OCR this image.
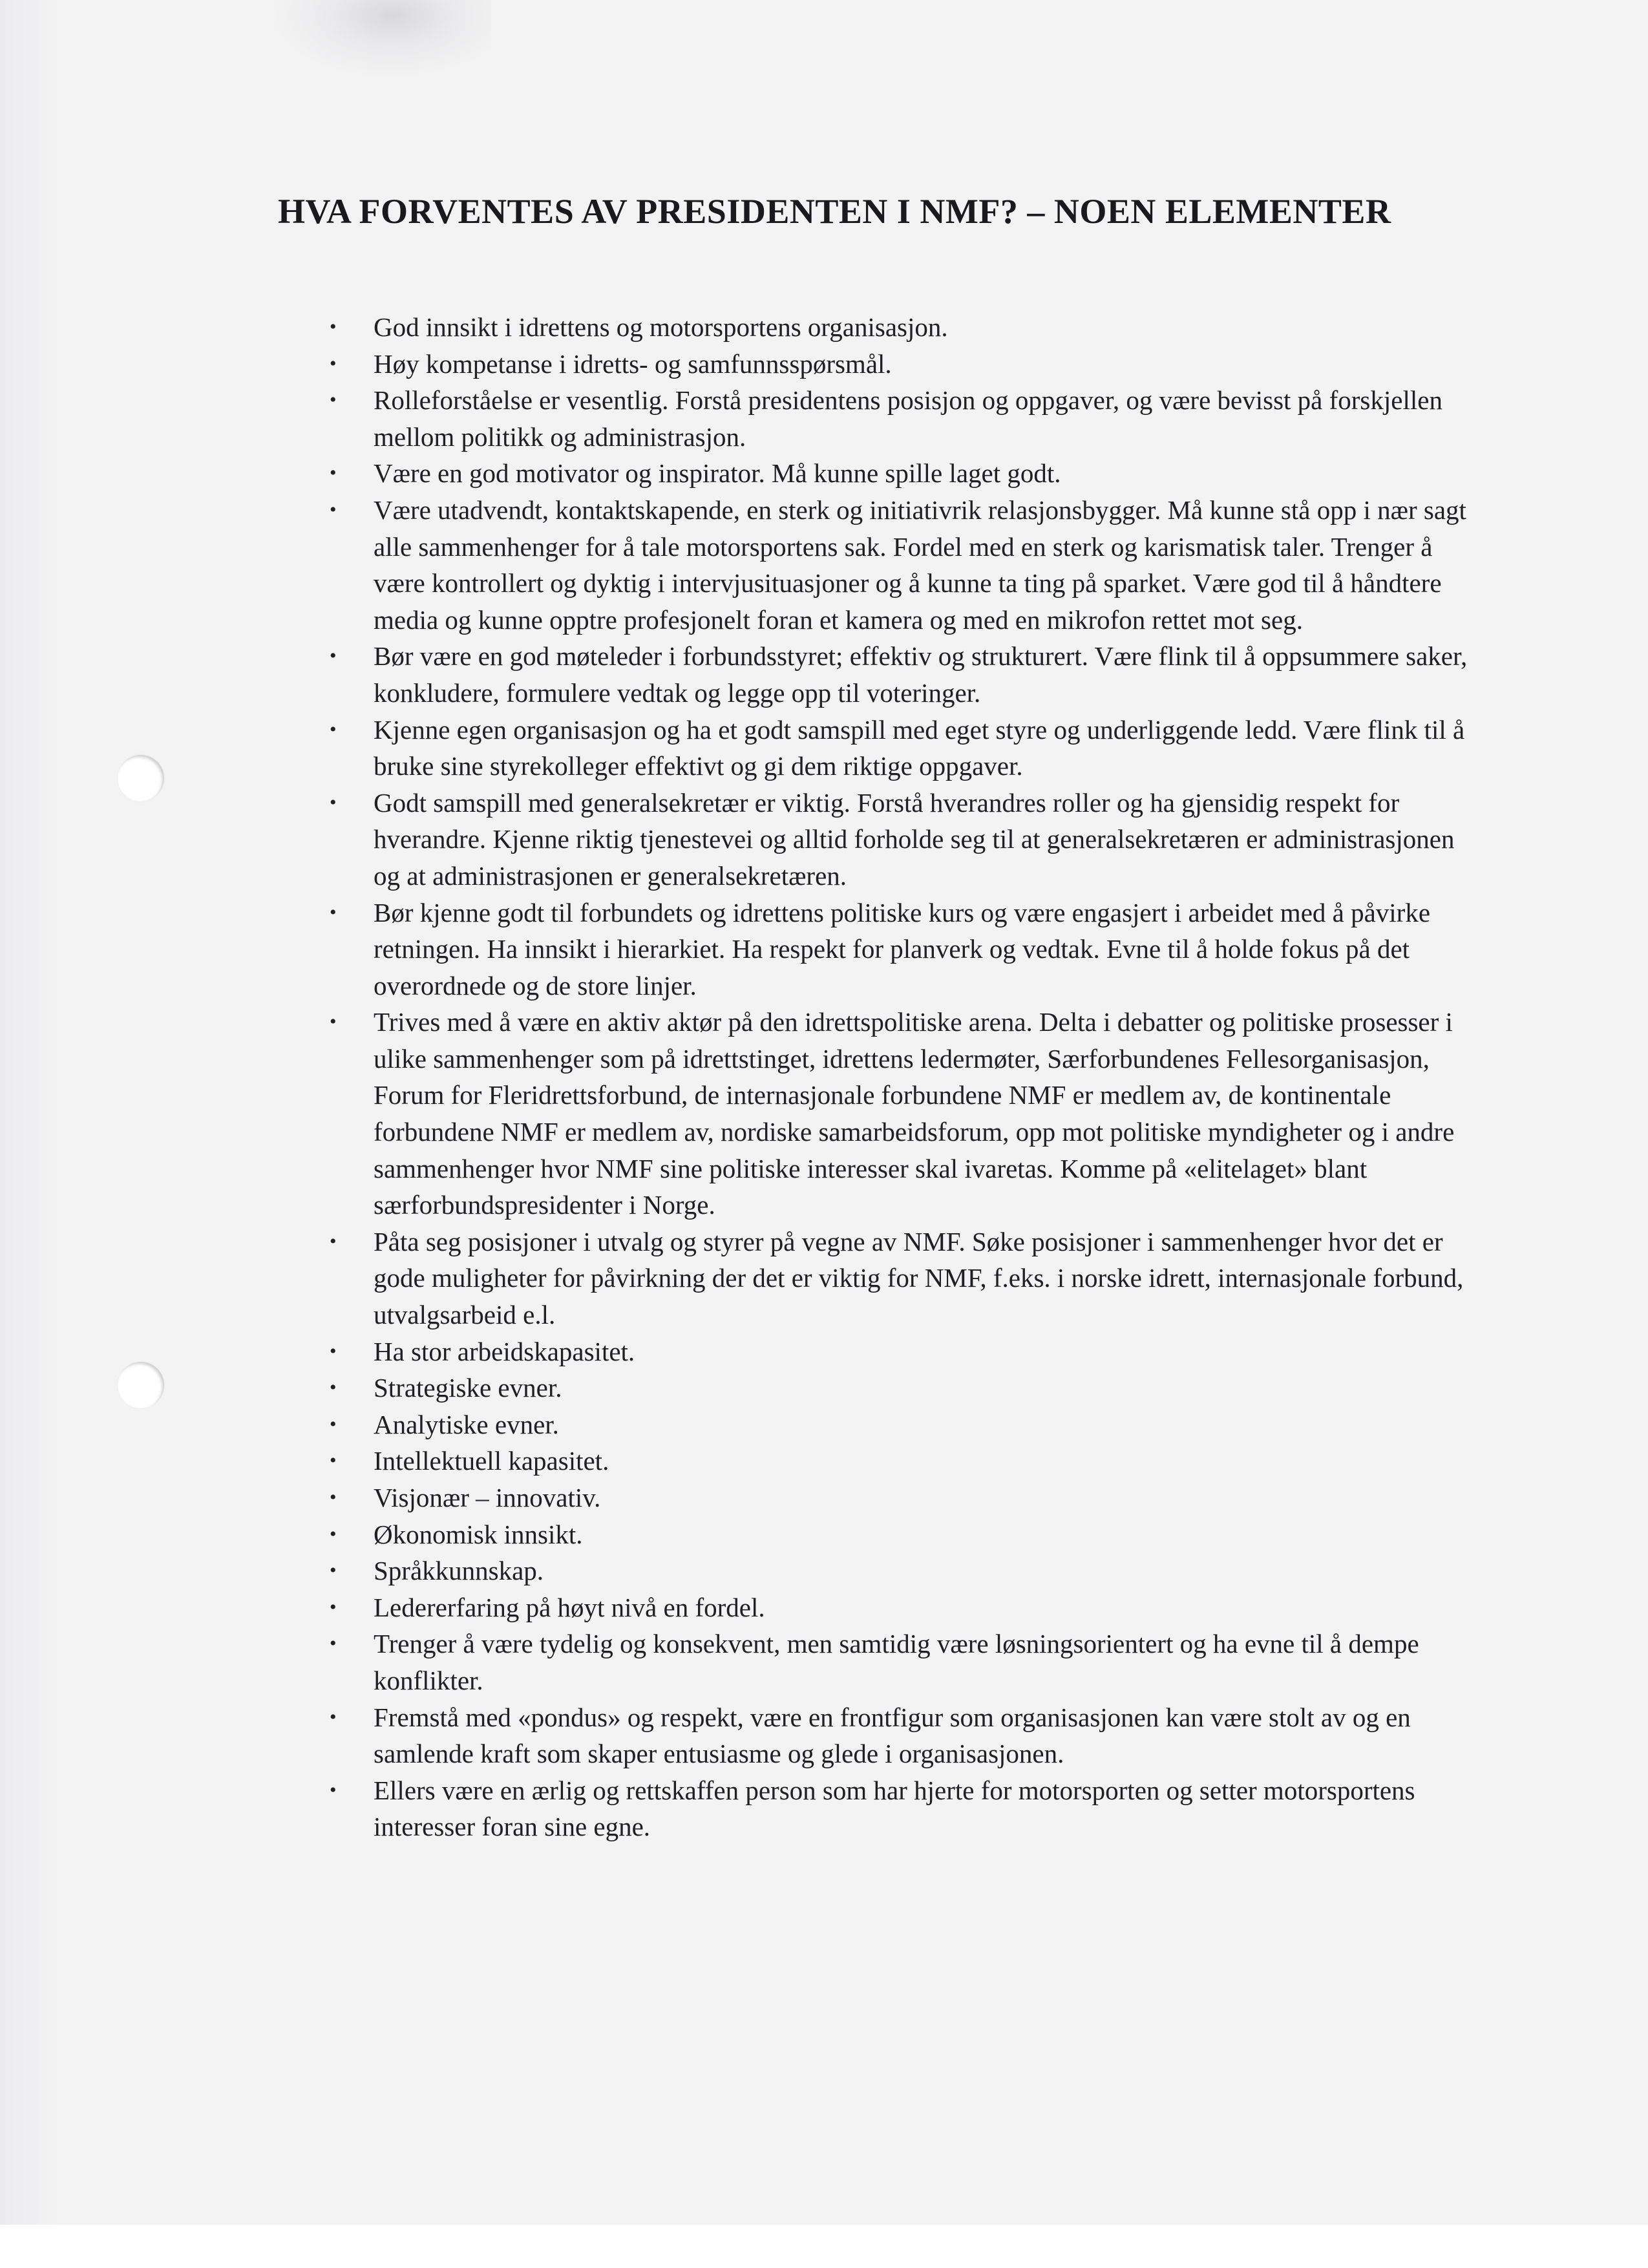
HVA FORVENTES AV PRESIDENTEN I NMF? – NOEN ELEMENTER
• God innsikt i idrettens og motorsportens organisasjon.
• Høy kompetanse i idretts- og samfunnsspørsmål.
• Rolleforståelse er vesentlig. Forstå presidentens posisjon og oppgaver, og være bevisst på forskjellen mellom politikk og administrasjon.
• Være en god motivator og inspirator. Må kunne spille laget godt.
• Være utadvendt, kontaktskapende, en sterk og initiativrik relasjonsbygger. Må kunne stå opp i nær sagt alle sammenhenger for å tale motorsportens sak. Fordel med en sterk og karismatisk taler. Trenger å være kontrollert og dyktig i intervjusituasjoner og å kunne ta ting på sparket. Være god til å håndtere media og kunne opptre profesjonelt foran et kamera og med en mikrofon rettet mot seg.
• Bør være en god møteleder i forbundsstyret; effektiv og strukturert. Være flink til å oppsummere saker, konkludere, formulere vedtak og legge opp til voteringer.
• Kjenne egen organisasjon og ha et godt samspill med eget styre og underliggende ledd. Være flink til å bruke sine styrekolleger effektivt og gi dem riktige oppgaver.
• Godt samspill med generalsekretær er viktig. Forstå hverandres roller og ha gjensidig respekt for hverandre. Kjenne riktig tjenestevei og alltid forholde seg til at generalsekretæren er administrasjonen og at administrasjonen er generalsekretæren.
• Bør kjenne godt til forbundets og idrettens politiske kurs og være engasjert i arbeidet med å påvirke retningen. Ha innsikt i hierarkiet. Ha respekt for planverk og vedtak. Evne til å holde fokus på det overordnede og de store linjer.
• Trives med å være en aktiv aktør på den idrettspolitiske arena. Delta i debatter og politiske prosesser i ulike sammenhenger som på idrettstinget, idrettens ledermøter, Særforbundenes Fellesorganisasjon, Forum for Fleridrettsforbund, de internasjonale forbundene NMF er medlem av, de kontinentale forbundene NMF er medlem av, nordiske samarbeidsforum, opp mot politiske myndigheter og i andre sammenhenger hvor NMF sine politiske interesser skal ivaretas. Komme på «elitelaget» blant særforbundspresidenter i Norge.
• Påta seg posisjoner i utvalg og styrer på vegne av NMF. Søke posisjoner i sammenhenger hvor det er gode muligheter for påvirkning der det er viktig for NMF, f.eks. i norske idrett, internasjonale forbund, utvalgsarbeid e.l.
• Ha stor arbeidskapasitet.
• Strategiske evner.
• Analytiske evner.
• Intellektuell kapasitet.
• Visjonær – innovativ.
• Økonomisk innsikt.
• Språkkunnskap.
• Ledererfaring på høyt nivå en fordel.
• Trenger å være tydelig og konsekvent, men samtidig være løsningsorientert og ha evne til å dempe konflikter.
• Fremstå med «pondus» og respekt, være en frontfigur som organisasjonen kan være stolt av og en samlende kraft som skaper entusiasme og glede i organisasjonen.
• Ellers være en ærlig og rettskaffen person som har hjerte for motorsporten og setter motorsportens interesser foran sine egne.
